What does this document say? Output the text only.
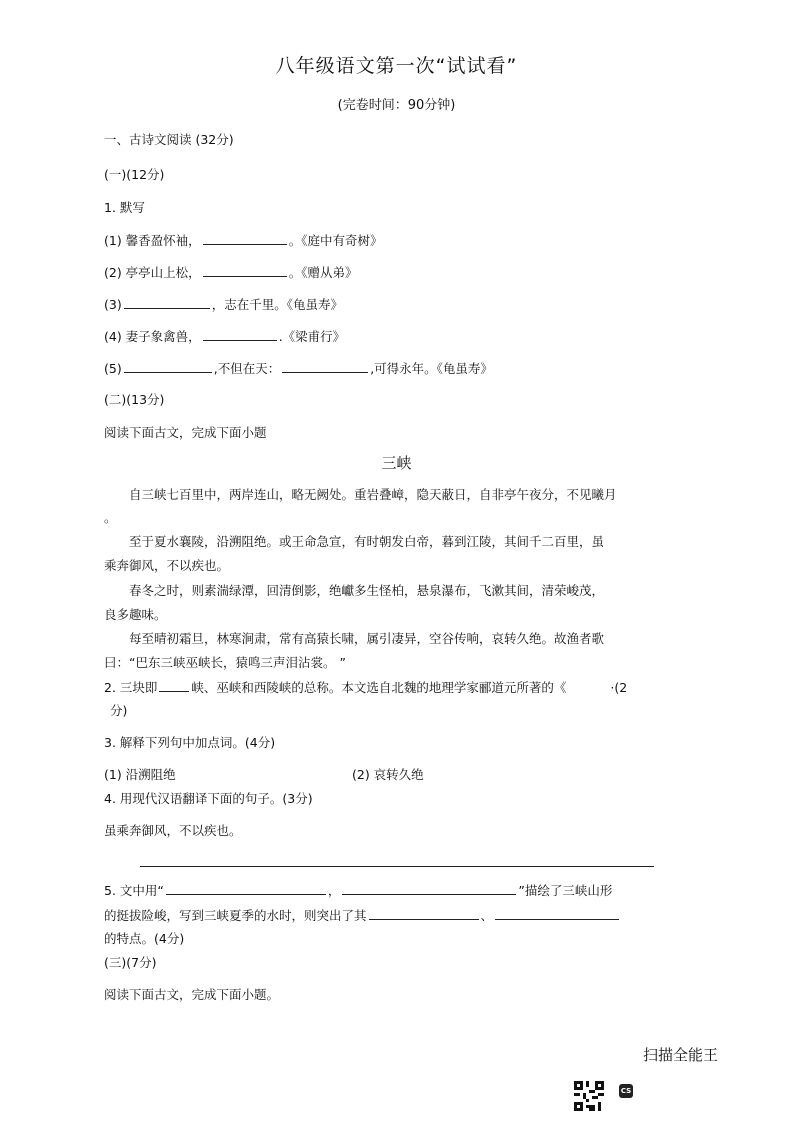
八年级语文第一次“试试看”
(完卷时间：90分钟)
一、古诗文阅读 (32分)
(一)(12分)
1. 默写
(1) 馨香盈怀袖，	。《庭中有奇树》
(2) 亭亭山上松，	。《赠从弟》
(3)	，志在千里。《龟虽寿》
(4) 妻子象禽兽，	.《梁甫行》
(5)	,不但在天：	,可得永年。《龟虽寿》
(二)(13分)
阅读下面古文，完成下面小题
三峡
自三峡七百里中，两岸连山，略无阙处。重岩叠嶂，隐天蔽日，自非亭午夜分，不见曦月
。
至于夏水襄陵，沿溯阻绝。或王命急宣，有时朝发白帝，暮到江陵，其间千二百里，虽
乘奔御风，不以疾也。
春冬之时，则素湍绿潭，回清倒影，绝巘多生怪柏，悬泉瀑布，飞漱其间，清荣峻茂，
良多趣味。
每至晴初霜旦，林寒涧肃，常有高猿长啸，属引凄异，空谷传响，哀转久绝。故渔者歌
曰：“巴东三峡巫峡长，猿鸣三声泪沾裳。 ”
2. 三块即	峡、巫峡和西陵峡的总称。本文选自北魏的地理学家郦道元所著的《	·(2
分)
3. 解释下列句中加点词。(4分)
(1) 沿溯阻绝	(2) 哀转久绝
4. 用现代汉语翻译下面的句子。(3分)
虽乘奔御风，不以疾也。
5. 文中用“	，	”描绘了三峡山形
的挺拔险峻，写到三峡夏季的水时，则突出了其	、
的特点。(4分)
(三)(7分)
阅读下面古文，完成下面小题。
扫描全能王
CS
